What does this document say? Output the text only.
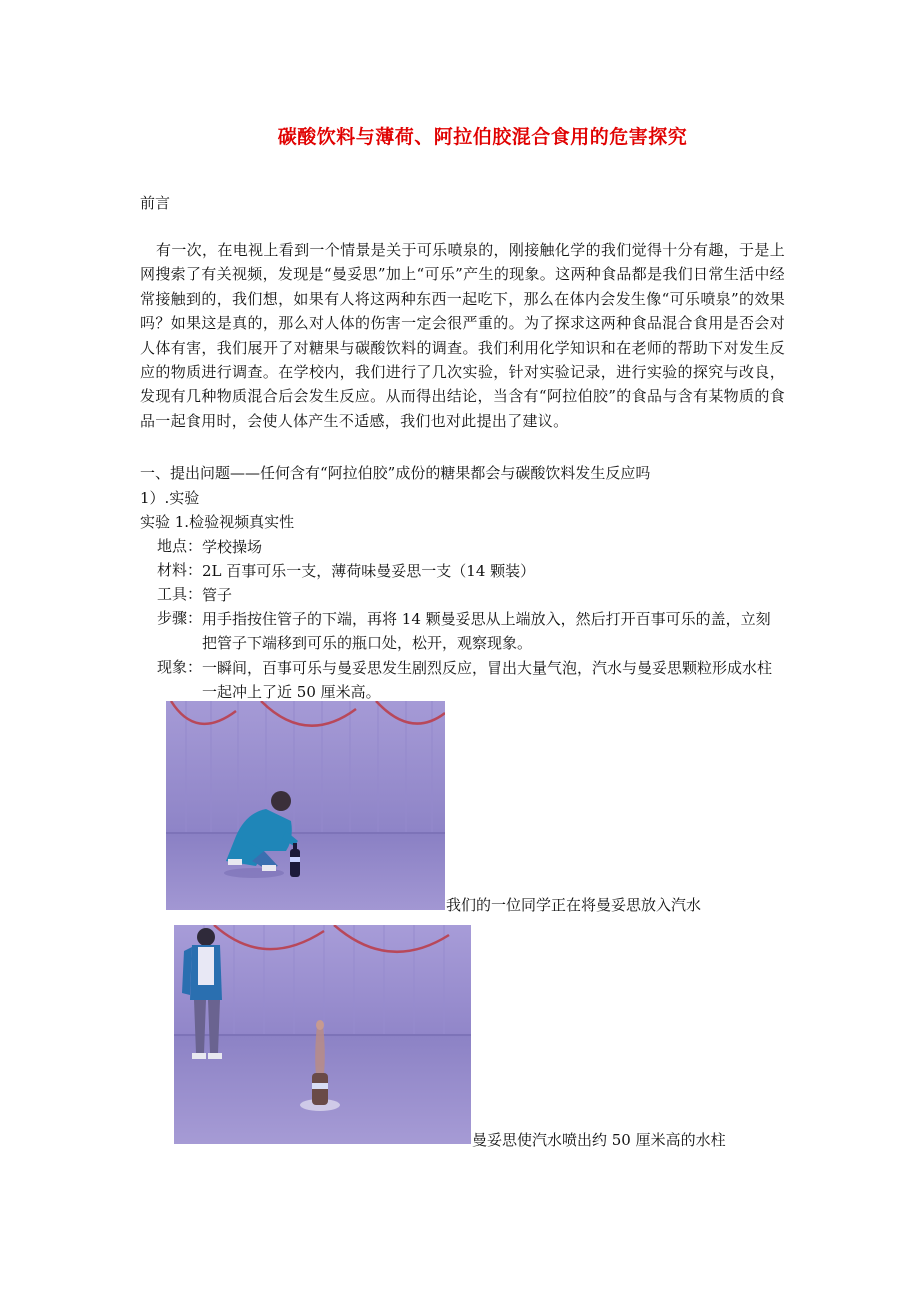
碳酸饮料与薄荷、阿拉伯胶混合食用的危害探究
前言

有一次，在电视上看到一个情景是关于可乐喷泉的，刚接触化学的我们觉得十分有趣，于是上网搜索了有关视频，发现是“曼妥思”加上“可乐”产生的现象。这两种食品都是我们日常生活中经常接触到的，我们想，如果有人将这两种东西一起吃下，那么在体内会发生像“可乐喷泉”的效果吗？如果这是真的，那么对人体的伤害一定会很严重的。为了探求这两种食品混合食用是否会对人体有害，我们展开了对糖果与碳酸饮料的调查。我们利用化学知识和在老师的帮助下对发生反应的物质进行调查。在学校内，我们进行了几次实验，针对实验记录，进行实验的探究与改良，发现有几种物质混合后会发生反应。从而得出结论，当含有“阿拉伯胶”的食品与含有某物质的食品一起食用时，会使人体产生不适感，我们也对此提出了建议。

一、提出问题——任何含有“阿拉伯胶”成份的糖果都会与碳酸饮料发生反应吗
1）.实验
实验 1.检验视频真实性
地点： 学校操场
材料： 2L 百事可乐一支，薄荷味曼妥思一支（14 颗装）
工具： 管子
步骤： 用手指按住管子的下端，再将 14 颗曼妥思从上端放入，然后打开百事可乐的盖，立刻把管子下端移到可乐的瓶口处，松开，观察现象。
现象： 一瞬间，百事可乐与曼妥思发生剧烈反应，冒出大量气泡，汽水与曼妥思颗粒形成水柱一起冲上了近 50 厘米高。
我们的一位同学正在将曼妥思放入汽水
曼妥思使汽水喷出约 50 厘米高的水柱
